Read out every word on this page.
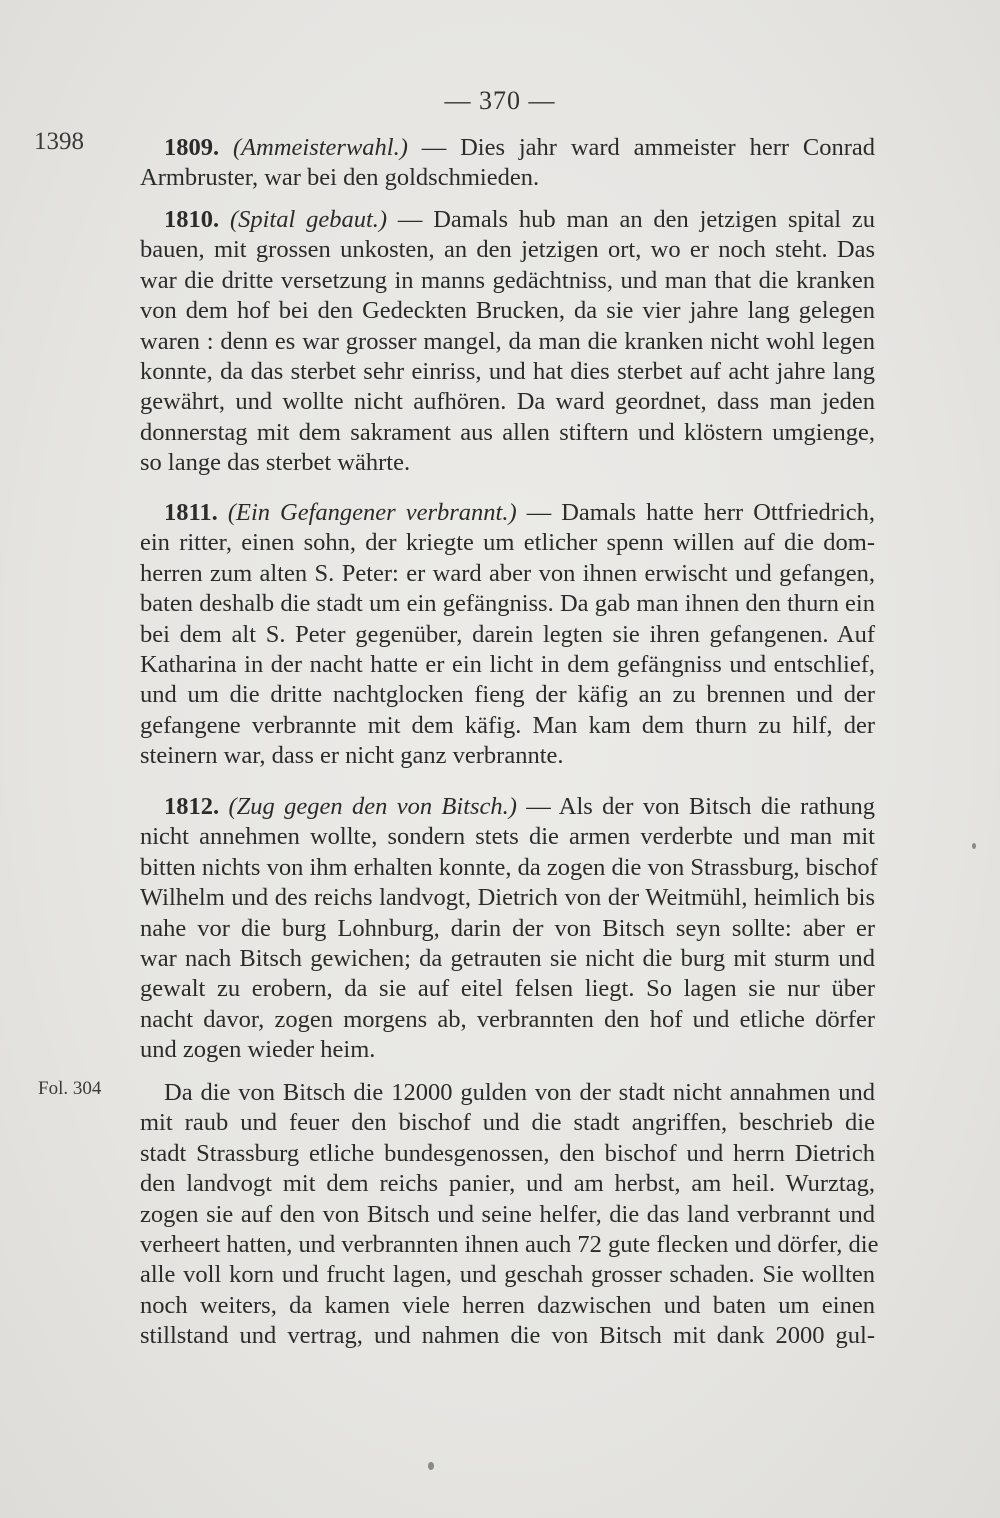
— 370 —
1398
Fol. 304
1809. (Ammeisterwahl.) — Dies jahr ward ammeister herr Conrad
Armbruster, war bei den goldschmieden.
1810. (Spital gebaut.) — Damals hub man an den jetzigen spital zu
bauen, mit grossen unkosten, an den jetzigen ort, wo er noch steht. Das
war die dritte versetzung in manns gedächtniss, und man that die kranken
von dem hof bei den Gedeckten Brucken, da sie vier jahre lang gelegen
waren : denn es war grosser mangel, da man die kranken nicht wohl legen
konnte, da das sterbet sehr einriss, und hat dies sterbet auf acht jahre lang
gewährt, und wollte nicht aufhören. Da ward geordnet, dass man jeden
donnerstag mit dem sakrament aus allen stiftern und klöstern umgienge,
so lange das sterbet währte.
1811. (Ein Gefangener verbrannt.) — Damals hatte herr Ottfriedrich,
ein ritter, einen sohn, der kriegte um etlicher spenn willen auf die dom-
herren zum alten S. Peter: er ward aber von ihnen erwischt und gefangen,
baten deshalb die stadt um ein gefängniss. Da gab man ihnen den thurn ein
bei dem alt S. Peter gegenüber, darein legten sie ihren gefangenen. Auf
Katharina in der nacht hatte er ein licht in dem gefängniss und entschlief,
und um die dritte nachtglocken fieng der käfig an zu brennen und der
gefangene verbrannte mit dem käfig. Man kam dem thurn zu hilf, der
steinern war, dass er nicht ganz verbrannte.
1812. (Zug gegen den von Bitsch.) — Als der von Bitsch die rathung
nicht annehmen wollte, sondern stets die armen verderbte und man mit
bitten nichts von ihm erhalten konnte, da zogen die von Strassburg, bischof
Wilhelm und des reichs landvogt, Dietrich von der Weitmühl, heimlich bis
nahe vor die burg Lohnburg, darin der von Bitsch seyn sollte: aber er
war nach Bitsch gewichen; da getrauten sie nicht die burg mit sturm und
gewalt zu erobern, da sie auf eitel felsen liegt. So lagen sie nur über
nacht davor, zogen morgens ab, verbrannten den hof und etliche dörfer
und zogen wieder heim.
Da die von Bitsch die 12000 gulden von der stadt nicht annahmen und
mit raub und feuer den bischof und die stadt angriffen, beschrieb die
stadt Strassburg etliche bundesgenossen, den bischof und herrn Dietrich
den landvogt mit dem reichs panier, und am herbst, am heil. Wurztag,
zogen sie auf den von Bitsch und seine helfer, die das land verbrannt und
verheert hatten, und verbrannten ihnen auch 72 gute flecken und dörfer, die
alle voll korn und frucht lagen, und geschah grosser schaden. Sie wollten
noch weiters, da kamen viele herren dazwischen und baten um einen
stillstand und vertrag, und nahmen die von Bitsch mit dank 2000 gul-
